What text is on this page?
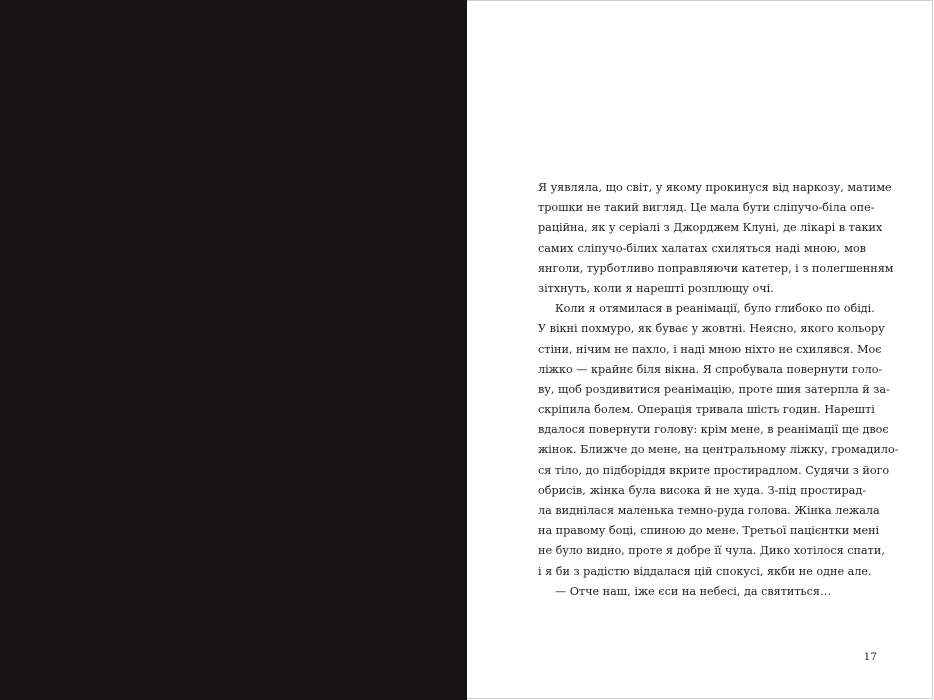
Я уявляла, що світ, у якому прокинуся від наркозу, матиме
трошки не такий вигляд. Це мала бути сліпучо-біла опе-
раційна, як у серіалі з Джорджем Клуні, де лікарі в таких
самих сліпучо-білих халатах схиляться наді мною, мов
янголи, турботливо поправляючи катетер, і з полегшенням
зітхнуть, коли я нарешті розплющу очі.
Коли я отямилася в реанімації, було глибоко по обіді.
У вікні похмуро, як буває у жовтні. Неясно, якого кольору
стіни, нічим не пахло, і наді мною ніхто не схилявся. Моє
ліжко — крайнє біля вікна. Я спробувала повернути голо-
ву, щоб роздивитися реанімацію, проте шия затерпла й за-
скріпила болем. Операція тривала шість годин. Нарешті
вдалося повернути голову: крім мене, в реанімації ще двоє
жінок. Ближче до мене, на центральному ліжку, громадило-
ся тіло, до підборіддя вкрите простирадлом. Судячи з його
обрисів, жінка була висока й не худа. З-під простирад-
ла виднілася маленька темно-руда голова. Жінка лежала
на правому боці, спиною до мене. Третьої пацієнтки мені
не було видно, проте я добре її чула. Дико хотілося спати,
і я би з радістю віддалася цій спокусі, якби не одне але.
— Отче наш, іже єси на небесі, да святиться…
17
